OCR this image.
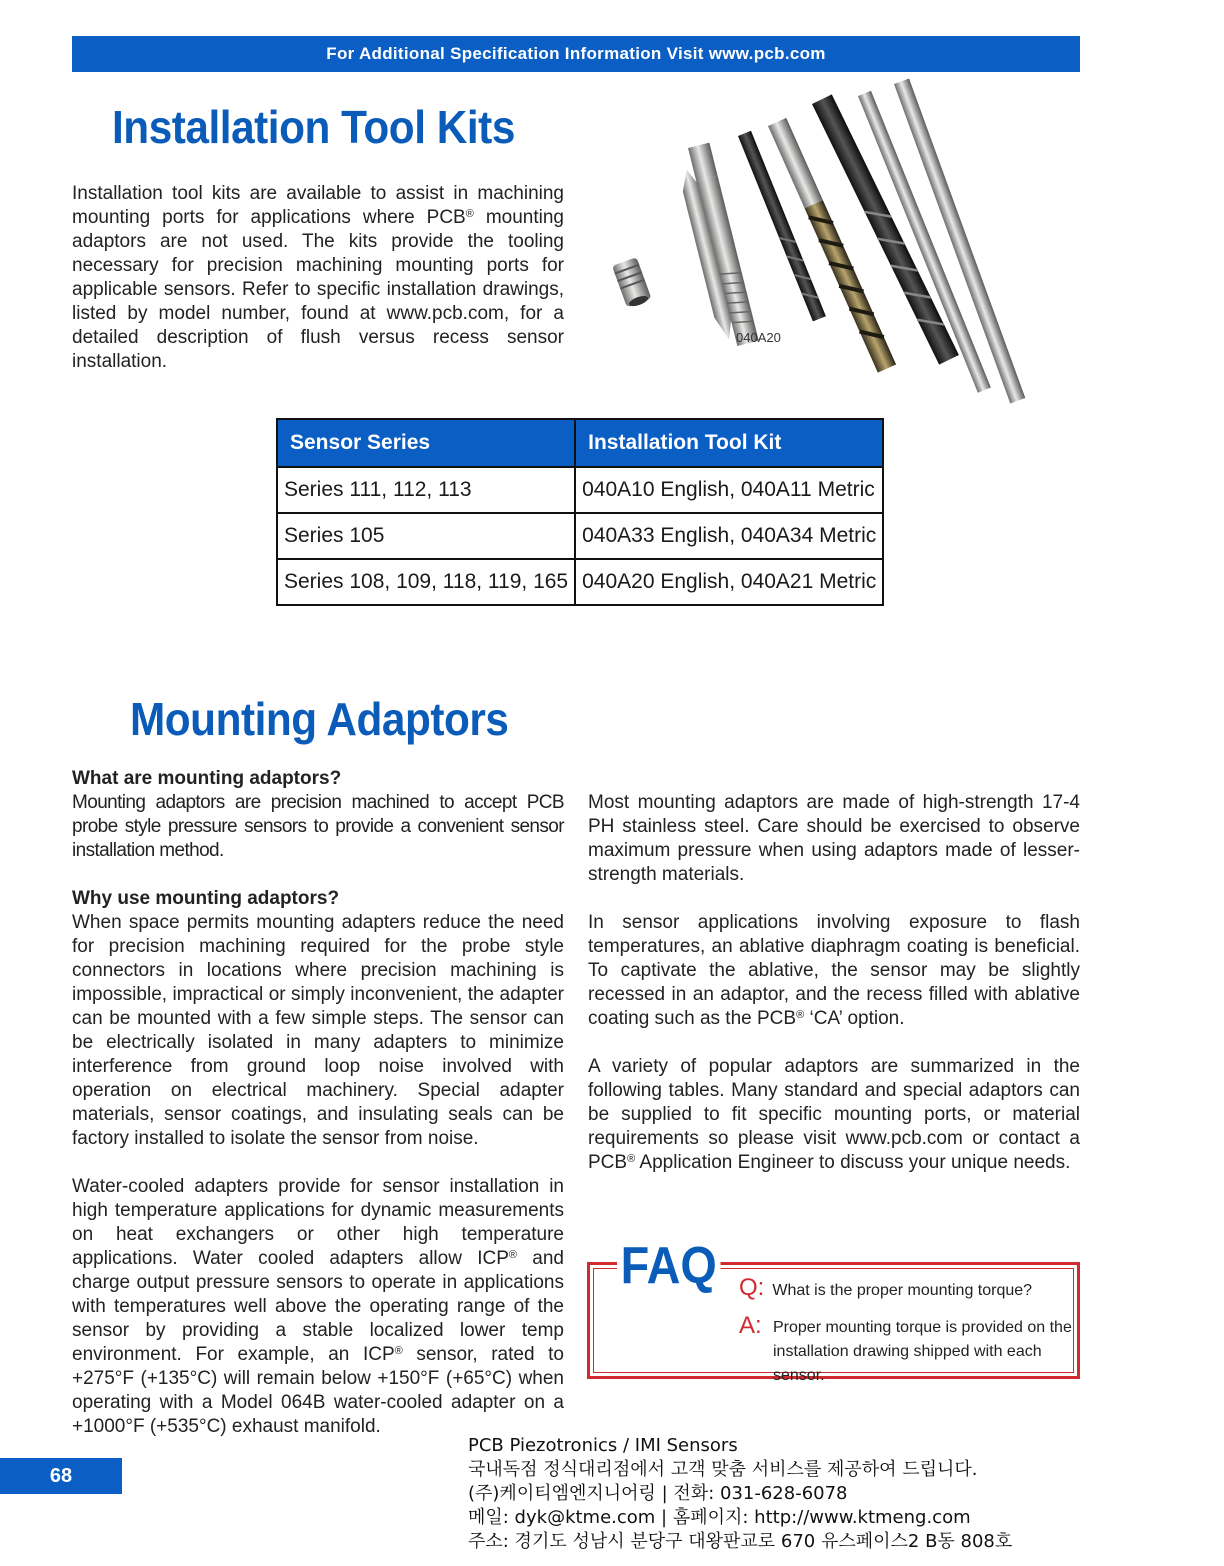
For Additional Specification Information Visit www.pcb.com
Installation Tool Kits
Installation tool kits are available to assist in machining mounting ports for applications where PCB® mounting adaptors are not used. The kits provide the tooling necessary for precision machining mounting ports for applicable sensors. Refer to specific installation drawings, listed by model number, found at www.pcb.com, for a detailed description of flush versus recess sensor installation.
040A20
Sensor Series	Installation Tool Kit
Series 111, 112, 113	040A10 English, 040A11 Metric
Series 105	040A33 English, 040A34 Metric
Series 108, 109, 118, 119, 165	040A20 English, 040A21 Metric
Mounting Adaptors

What are mounting adaptors?

Mounting adaptors are precision machined to accept PCB probe style pressure sensors to provide a convenient sensor installation method.

Why use mounting adaptors?

When space permits mounting adapters reduce the need for precision machining required for the probe style connectors in locations where precision machining is impossible, impractical or simply inconvenient, the adapter can be mounted with a few simple steps. The sensor can be electrically isolated in many adapters to minimize interference from ground loop noise involved with operation on electrical machinery. Special adapter materials, sensor coatings, and insulating seals can be factory installed to isolate the sensor from noise.

Water-cooled adapters provide for sensor installation in high temperature applications for dynamic measurements on heat exchangers or other high temperature applications. Water cooled adapters allow ICP® and charge output pressure sensors to operate in applications with temperatures well above the operating range of the sensor by providing a stable localized lower temp environment. For example, an ICP® sensor, rated to +275°F (+135°C) will remain below +150°F (+65°C) when operating with a Model 064B water-cooled adapter on a +1000°F (+535°C) exhaust manifold.

Most mounting adaptors are made of high-strength 17-4 PH stainless steel. Care should be exercised to observe maximum pressure when using adaptors made of lesser-strength materials.

In sensor applications involving exposure to flash temperatures, an ablative diaphragm coating is beneficial. To captivate the ablative, the sensor may be slightly recessed in an adaptor, and the recess filled with ablative coating such as the PCB® ‘CA’ option.

A variety of popular adaptors are summarized in the following tables. Many standard and special adaptors can be supplied to fit specific mounting ports, or material requirements so please visit www.pcb.com or contact a PCB® Application Engineer to discuss your unique needs.

FAQ Q: What is the proper mounting torque?
A: Proper mounting torque is provided on the installation drawing shipped with each sensor.
68
PCB Piezotronics / IMI Sensors
국내독점 정식대리점에서 고객 맞춤 서비스를 제공하여 드립니다.
(주)케이티엠엔지니어링 | 전화: 031-628-6078
메일: dyk@ktme.com | 홈페이지: http://www.ktmeng.com
주소: 경기도 성남시 분당구 대왕판교로 670 유스페이스2 B동 808호
